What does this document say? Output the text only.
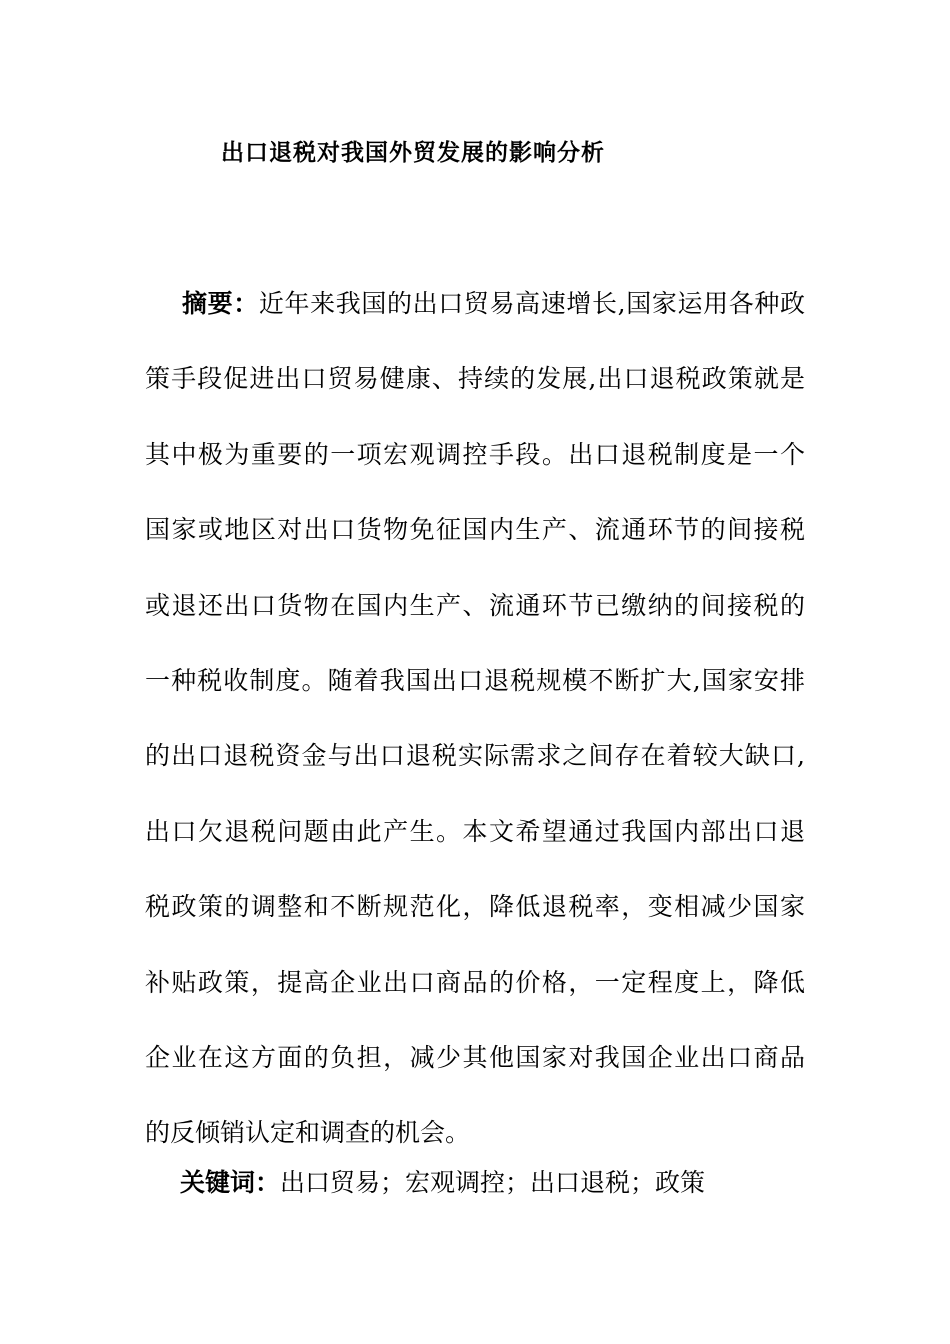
出口退税对我国外贸发展的影响分析
摘要：近年来我国的出口贸易高速增长,国家运用各种政
策手段促进出口贸易健康、持续的发展,出口退税政策就是
其中极为重要的一项宏观调控手段。出口退税制度是一个
国家或地区对出口货物免征国内生产、流通环节的间接税
或退还出口货物在国内生产、流通环节已缴纳的间接税的
一种税收制度。随着我国出口退税规模不断扩大,国家安排
的出口退税资金与出口退税实际需求之间存在着较大缺口,
出口欠退税问题由此产生。本文希望通过我国内部出口退
税政策的调整和不断规范化，降低退税率，变相减少国家
补贴政策，提高企业出口商品的价格，一定程度上，降低
企业在这方面的负担，减少其他国家对我国企业出口商品
的反倾销认定和调查的机会。
关键词：出口贸易；宏观调控；出口退税；政策
